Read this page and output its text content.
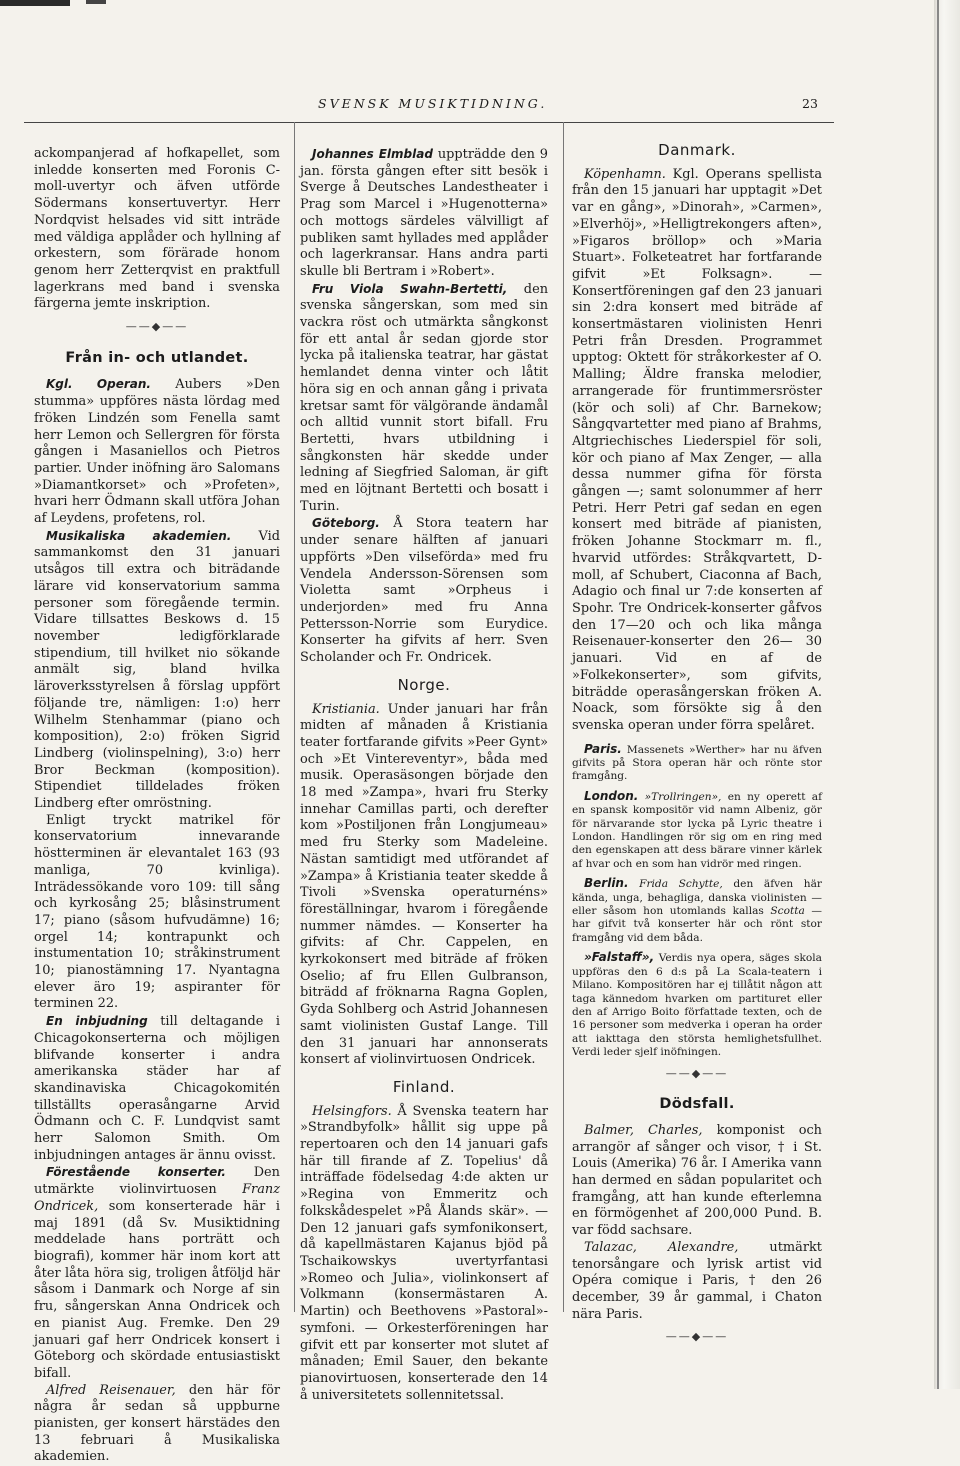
SVENSK MUSIKTIDNING.	23

ackompanjerad af hofkapellet, som inledde konserten med Foronis C-moll-uvertyr och äfven utförde Södermans konsertuvertyr. Herr Nordqvist helsades vid sitt inträde med väldiga applåder och hyllning af orkestern, som förärade honom genom herr Zetterqvist en praktfull lagerkrans med band i svenska färgerna jemte inskription.

——◆——
Från in- och utlandet.

Kgl. Operan. Aubers »Den stumma» uppföres nästa lördag med fröken Lindzén som Fenella samt herr Lemon och Sellergren för första gången i Masaniellos och Pietros partier. Under inöfning äro Salomans »Diamantkorset» och »Profeten», hvari herr Ödmann skall utföra Johan af Leydens, profetens, rol.

Musikaliska akademien. Vid sammankomst den 31 januari utsågos till extra och biträdande lärare vid konservatorium samma personer som föregående termin. Vidare tillsattes Beskows d. 15 november ledigförklarade stipendium, till hvilket nio sökande anmält sig, bland hvilka läroverksstyrelsen å förslag uppfört följande tre, nämligen: 1:o) herr Wilhelm Stenhammar (piano och komposition), 2:o) fröken Sigrid Lindberg (violinspelning), 3:o) herr Bror Beckman (komposition). Stipendiet tilldelades fröken Lindberg efter omröstning.

Enligt tryckt matrikel för konservatorium innevarande höstterminen är elevantalet 163 (93 manliga, 70 kvinliga). Inträdessökande voro 109: till sång och kyrkosång 25; blåsinstrument 17; piano (såsom hufvudämne) 16; orgel 14; kontrapunkt och instumentation 10; stråkinstrument 10; pianostämning 17. Nyantagna elever äro 19; aspiranter för terminen 22.

En inbjudning till deltagande i Chicagokonserterna och möjligen blifvande konserter i andra amerikanska städer har af skandinaviska Chicagokomitén tillställts operasångarne Arvid Ödmann och C. F. Lundqvist samt herr Salomon Smith. Om inbjudningen antages är ännu ovisst.

Förestående konserter. Den utmärkte violinvirtuosen Franz Ondricek, som konserterade här i maj 1891 (då Sv. Musiktidning meddelade hans porträtt och biografi), kommer här inom kort att åter låta höra sig, troligen åtföljd här såsom i Danmark och Norge af sin fru, sångerskan Anna Ondricek och en pianist Aug. Fremke. Den 29 januari gaf herr Ondricek konsert i Göteborg och skördade entusiastiskt bifall.

Alfred Reisenauer, den här för några år sedan så uppburne pianisten, ger konsert härstädes den 13 februari å Musikaliska akademien.

Johannes Elmblad uppträdde den 9 jan. första gången efter sitt besök i Sverge å Deutsches Landestheater i Prag som Marcel i »Hugenotterna» och mottogs särdeles välvilligt af publiken samt hyllades med applåder och lagerkransar. Hans andra parti skulle bli Bertram i »Robert».

Fru Viola Swahn-Bertetti, den svenska sångerskan, som med sin vackra röst och utmärkta sångkonst för ett antal år sedan gjorde stor lycka på italienska teatrar, har gästat hemlandet denna vinter och låtit höra sig en och annan gång i privata kretsar samt för välgörande ändamål och alltid vunnit stort bifall. Fru Bertetti, hvars utbildning i sångkonsten här skedde under ledning af Siegfried Saloman, är gift med en löjtnant Bertetti och bosatt i Turin.

Göteborg. Å Stora teatern har under senare hälften af januari uppförts »Den vilseförda» med fru Vendela Andersson-Sörensen som Violetta samt »Orpheus i underjorden» med fru Anna Pettersson-Norrie som Eurydice. Konserter ha gifvits af herr. Sven Scholander och Fr. Ondricek.

Norge.

Kristiania. Under januari har från midten af månaden å Kristiania teater fortfarande gifvits »Peer Gynt» och »Et Vintereventyr», båda med musik. Operasäsongen började den 18 med »Zampa», hvari fru Sterky innehar Camillas parti, och derefter kom »Postiljonen från Longjumeau» med fru Sterky som Madeleine. Nästan samtidigt med utförandet af »Zampa» å Kristiania teater skedde å Tivoli »Svenska operaturnéns» föreställningar, hvarom i föregående nummer nämdes. — Konserter ha gifvits: af Chr. Cappelen, en kyrkokonsert med biträde af fröken Oselio; af fru Ellen Gulbranson, biträdd af fröknarna Ragna Goplen, Gyda Sohlberg och Astrid Johannesen samt violinisten Gustaf Lange. Till den 31 januari har annonserats konsert af violinvirtuosen Ondricek.

Finland.

Helsingfors. Å Svenska teatern har »Strandbyfolk» hållit sig uppe på repertoaren och den 14 januari gafs här till firande af Z. Topelius' då inträffade födelsedag 4:de akten ur »Regina von Emmeritz och folkskådespelet »På Ålands skär». — Den 12 januari gafs symfonikonsert, då kapellmästaren Kajanus bjöd på Tschaikowskys uvertyrfantasi »Romeo och Julia», violinkonsert af Volkmann (konsermästaren A. Martin) och Beethovens »Pastoral»-symfoni. — Orkesterföreningen har gifvit ett par konserter mot slutet af månaden; Emil Sauer, den bekante pianovirtuosen, konserterade den 14 å universitetets sollennitetssal.

Danmark.

Köpenhamn. Kgl. Operans spellista från den 15 januari har upptagit »Det var en gång», »Dinorah», »Carmen», »Elverhöj», »Helligtrekongers aften», »Figaros bröllop» och »Maria Stuart». Folketeatret har fortfarande gifvit »Et Folksagn». — Konsertföreningen gaf den 23 januari sin 2:dra konsert med biträde af konsertmästaren violinisten Henri Petri från Dresden. Programmet upptog: Oktett för stråkorkester af O. Malling; Äldre franska melodier, arrangerade för fruntimmersröster (kör och soli) af Chr. Barnekow; Sångqvartetter med piano af Brahms, Altgriechisches Liederspiel för soli, kör och piano af Max Zenger, — alla dessa nummer gifna för första gången —; samt solonummer af herr Petri. Herr Petri gaf sedan en egen konsert med biträde af pianisten, fröken Johanne Stockmarr m. fl., hvarvid utfördes: Stråkqvartett, D-moll, af Schubert, Ciaconna af Bach, Adagio och final ur 7:de konserten af Spohr. Tre Ondricek-konserter gåfvos den 17—20 och och lika många Reisenauer-konserter den 26— 30 januari. Vid en af de »Folkekonserter», som gifvits, biträdde operasångerskan fröken A. Noack, som försökte sig å den svenska operan under förra spelåret.

Paris. Massenets »Werther» har nu äfven gifvits på Stora operan här och rönte stor framgång.

London. »Trollringen», en ny operett af en spansk kompositör vid namn Albeniz, gör för närvarande stor lycka på Lyric theatre i London. Handlingen rör sig om en ring med den egenskapen att dess bärare vinner kärlek af hvar och en som han vidrör med ringen.

Berlin. Frida Schytte, den äfven här kända, unga, behagliga, danska violinisten — eller såsom hon utomlands kallas Scotta — har gifvit två konserter här och rönt stor framgång vid dem båda.

»Falstaff», Verdis nya opera, säges skola uppföras den 6 d:s på La Scala-teatern i Milano. Kompositören har ej tillåtit någon att taga kännedom hvarken om partituret eller den af Arrigo Boito författade texten, och de 16 personer som medverka i operan ha order att iakttaga den största hemlighetsfullhet. Verdi leder sjelf inöfningen.

——◆——
Dödsfall.

Balmer, Charles, komponist och arrangör af sånger och visor, † i St. Louis (Amerika) 76 år. I Amerika vann han dermed en sådan popularitet och framgång, att han kunde efterlemna en förmögenhet af 200,000 Pund. B. var född sachsare.

Talazac, Alexandre, utmärkt tenorsångare och lyrisk artist vid Opéra comique i Paris, † den 26 december, 39 år gammal, i Chaton nära Paris.

——◆——
